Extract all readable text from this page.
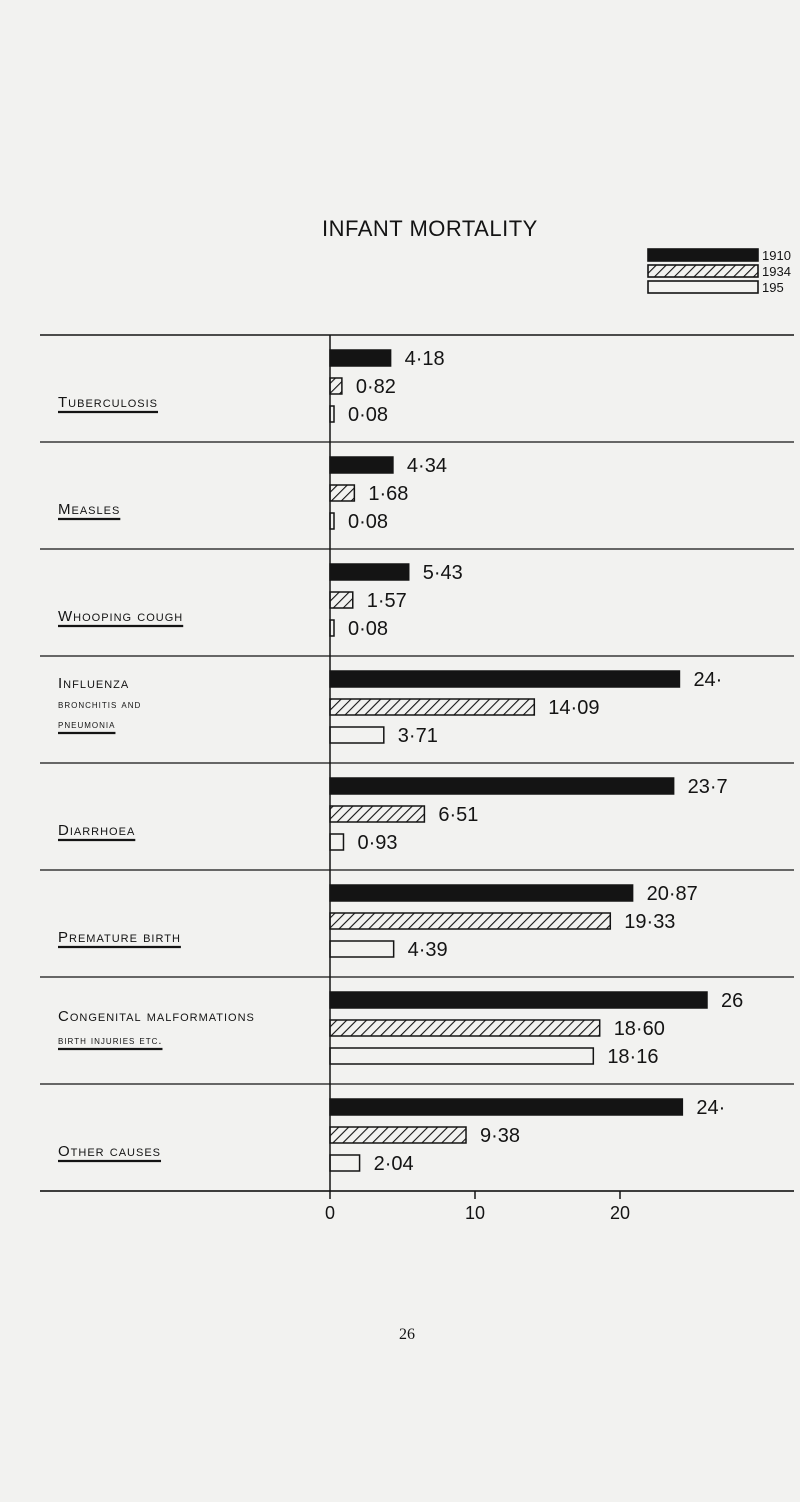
INFANT MORTALITY
1910
1934
195
Tuberculosis
Measles
Whooping cough
Influenza
bronchitis and
pneumonia
Diarrhoea
Premature birth
Congenital malformations
birth injuries etc.
Other causes
4·18
0·82
0·08
4·34
1·68
0·08
5·43
1·57
0·08
24·
14·09
3·71
23·7
6·51
0·93
20·87
19·33
4·39
26
18·60
18·16
24·
9·38
2·04
0	10	20
26
